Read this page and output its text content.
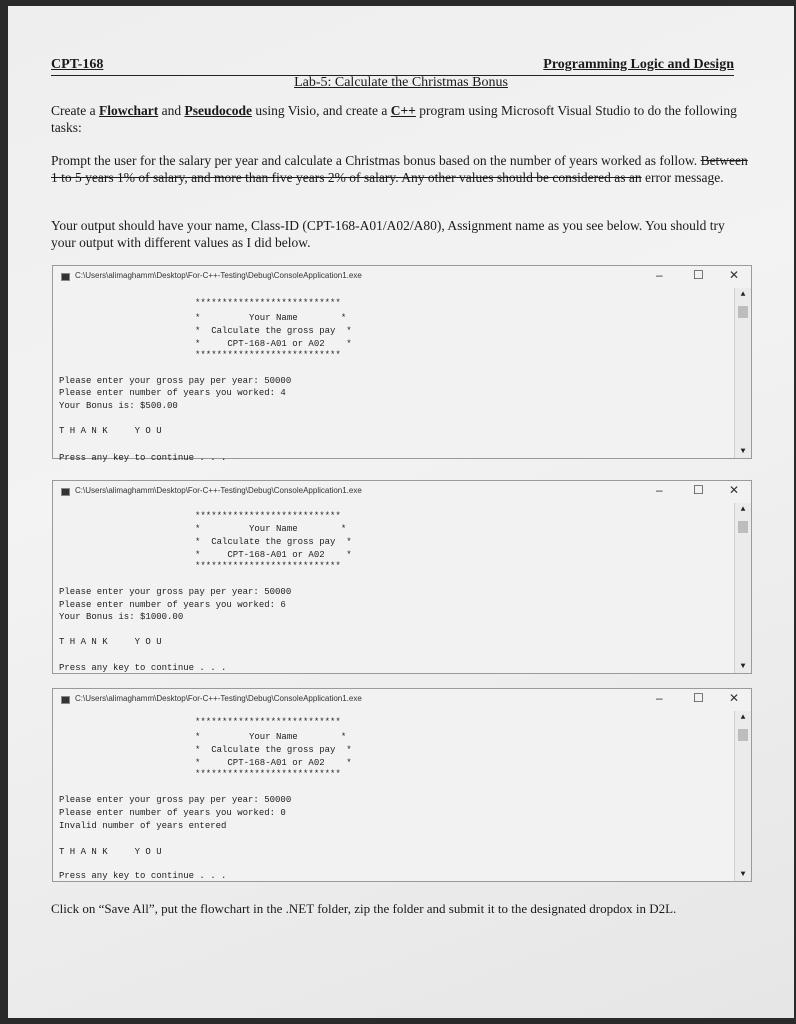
CPT-168	Programming Logic and Design
Lab-5: Calculate the Christmas Bonus
Create a Flowchart and Pseudocode using Visio, and create a C++ program using Microsoft Visual Studio to do the following tasks:
Prompt the user for the salary per year and calculate a Christmas bonus based on the number of years worked as follow. Between 1 to 5 years 1% of salary, and more than five years 2% of salary. Any other values should be considered as an error message.
Your output should have your name, Class-ID (CPT-168-A01/A02/A80), Assignment name as you see below. You should try your output with different values as I did below.
C:\Users\alimaghamm\Desktop\For-C++-Testing\Debug\ConsoleApplication1.exe	–	☐ ✕
▲
▼
***************************
*         Your Name        *
*  Calculate the gross pay  *
*     CPT-168-A01 or A02    *
***************************
Please enter your gross pay per year: 50000
Please enter number of years you worked: 4
Your Bonus is: $500.00
T H A N K     Y O U
Press any key to continue . . .
C:\Users\alimaghamm\Desktop\For-C++-Testing\Debug\ConsoleApplication1.exe	–	☐ ✕
▲
▼
***************************
*         Your Name        *
*  Calculate the gross pay  *
*     CPT-168-A01 or A02    *
***************************
Please enter your gross pay per year: 50000
Please enter number of years you worked: 6
Your Bonus is: $1000.00
T H A N K     Y O U
Press any key to continue . . .
C:\Users\alimaghamm\Desktop\For-C++-Testing\Debug\ConsoleApplication1.exe	–	☐ ✕
▲
▼
***************************
*         Your Name        *
*  Calculate the gross pay  *
*     CPT-168-A01 or A02    *
***************************
Please enter your gross pay per year: 50000
Please enter number of years you worked: 0
Invalid number of years entered
T H A N K     Y O U
Press any key to continue . . .
Click on “Save All”, put the flowchart in the .NET folder, zip the folder and submit it to the designated dropdox in D2L.
